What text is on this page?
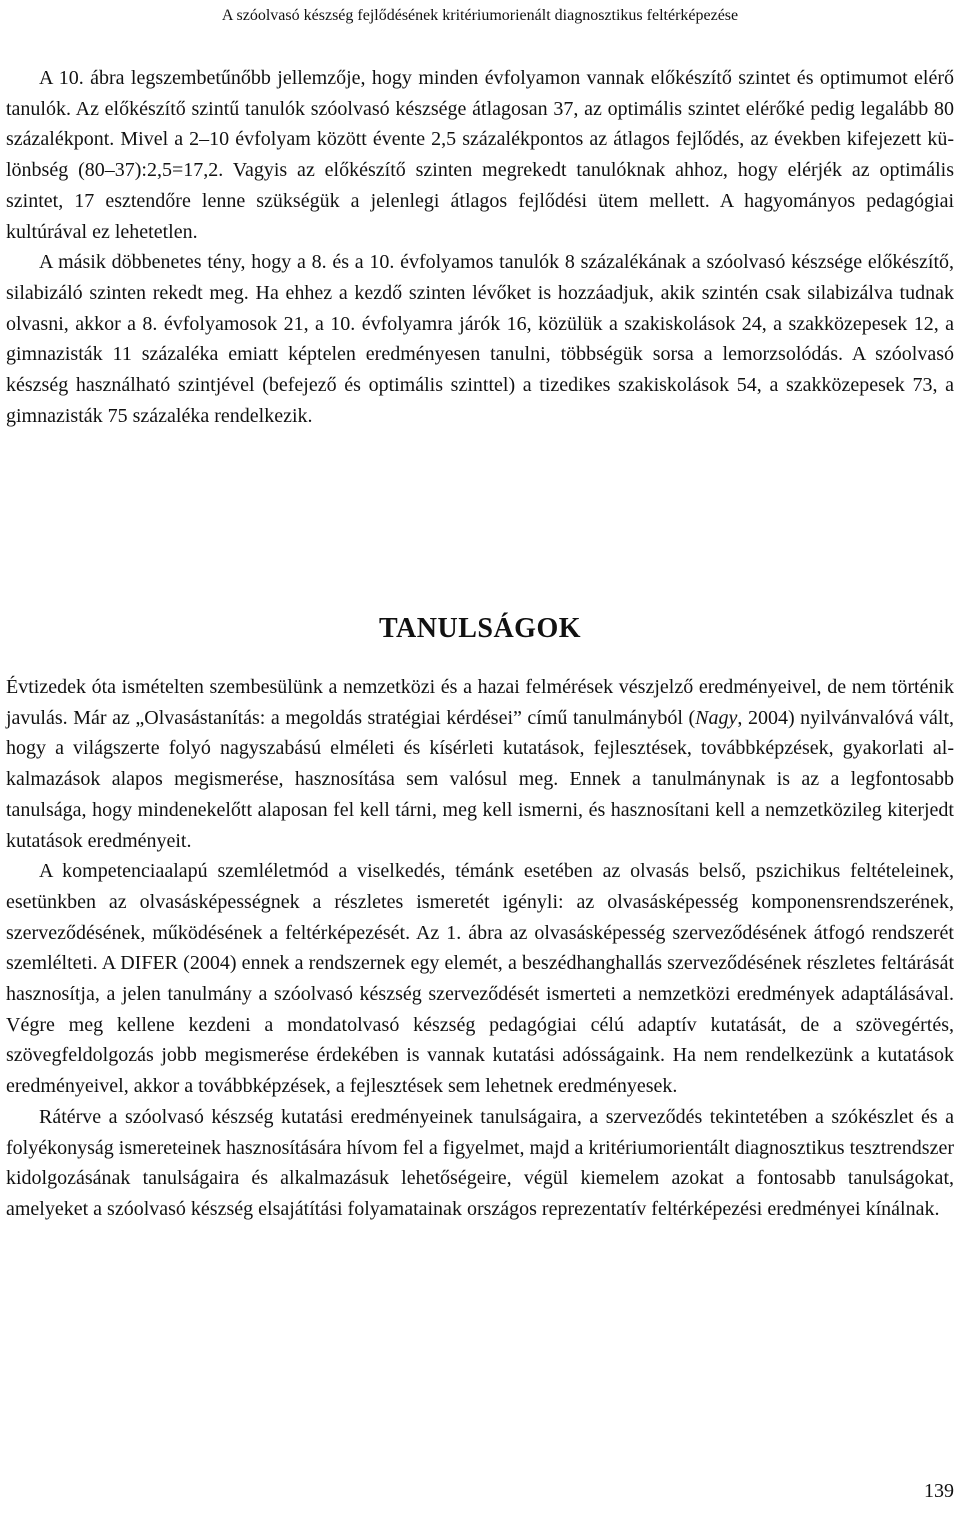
A szóolvasó készség fejlődésének kritériumorienált diagnosztikus feltérképezése

A 10. ábra legszembetűnőbb jellemzője, hogy minden évfolyamon vannak előkészítő szintet és optimumot elérő tanulók. Az előkészítő szintű tanulók szóolvasó készsége átlagosan 37, az optimális szintet elérőké pedig legalább 80 százalékpont. Mivel a 2–10 évfolyam között évente 2,5 százalékpontos az átlagos fejlődés, az években kifejezett különbség (80–37):2,5=17,2. Vagyis az előkészítő szinten megrekedt tanulóknak ahhoz, hogy elérjék az optimális szintet, 17 esztendőre lenne szükségük a jelenlegi átlagos fejlődési ütem mellett. A hagyományos pedagógiai kultúrával ez lehetetlen.

A másik döbbenetes tény, hogy a 8. és a 10. évfolyamos tanulók 8 százalékának a szóolvasó készsége előkészítő, silabizáló szinten rekedt meg. Ha ehhez a kezdő szinten lévőket is hozzáadjuk, akik szintén csak silabizálva tudnak olvasni, akkor a 8. évfolyamosok 21, a 10. évfolyamra járók 16, közülük a szakiskolások 24, a szakközepesek 12, a gimnazisták 11 százaléka emiatt képtelen eredményesen tanulni, többségük sorsa a lemorzsolódás. A szóolvasó készség használható szintjével (befejező és optimális szinttel) a tizedikes szakiskolások 54, a szakközepesek 73, a gimnazisták 75 százaléka rendelkezik.

TANULSÁGOK

Évtizedek óta ismételten szembesülünk a nemzetközi és a hazai felmérések vészjelző eredményeivel, de nem történik javulás. Már az „Olvasástanítás: a megoldás stratégiai kérdései” című tanulmányból (Nagy, 2004) nyilvánvalóvá vált, hogy a világszerte folyó nagyszabású elméleti és kísérleti kutatások, fejlesztések, továbbképzések, gyakorlati alkalmazások alapos megismerése, hasznosítása sem valósul meg. Ennek a tanulmánynak is az a legfontosabb tanulsága, hogy mindenekelőtt alaposan fel kell tárni, meg kell ismerni, és hasznosítani kell a nemzetközileg kiterjedt kutatások eredményeit.

A kompetenciaalapú szemléletmód a viselkedés, témánk esetében az olvasás belső, pszichikus feltételeinek, esetünkben az olvasásképességnek a részletes ismeretét igényli: az olvasásképesség komponensrendszerének, szerveződésének, működésének a feltérképezését. Az 1. ábra az olvasásképesség szerveződésének átfogó rendszerét szemlélteti. A DIFER (2004) ennek a rendszernek egy elemét, a beszédhanghallás szerveződésének részletes feltárását hasznosítja, a jelen tanulmány a szóolvasó készség szerveződését ismerteti a nemzetközi eredmények adaptálásával. Végre meg kellene kezdeni a mondatolvasó készség pedagógiai célú adaptív kutatását, de a szövegértés, szövegfeldolgozás jobb megismerése érdekében is vannak kutatási adósságaink. Ha nem rendelkezünk a kutatások eredményeivel, akkor a továbbképzések, a fejlesztések sem lehetnek eredményesek.

Rátérve a szóolvasó készség kutatási eredményeinek tanulságaira, a szerveződés tekintetében a szókészlet és a folyékonyság ismereteinek hasznosítására hívom fel a figyelmet, majd a kritériumorientált diagnosztikus tesztrendszer kidolgozásának tanulságaira és alkalmazásuk lehetőségeire, végül kiemelem azokat a fontosabb tanulságokat, amelyeket a szóolvasó készség elsajátítási folyamatainak országos reprezentatív feltérképezési eredményei kínálnak.

139
